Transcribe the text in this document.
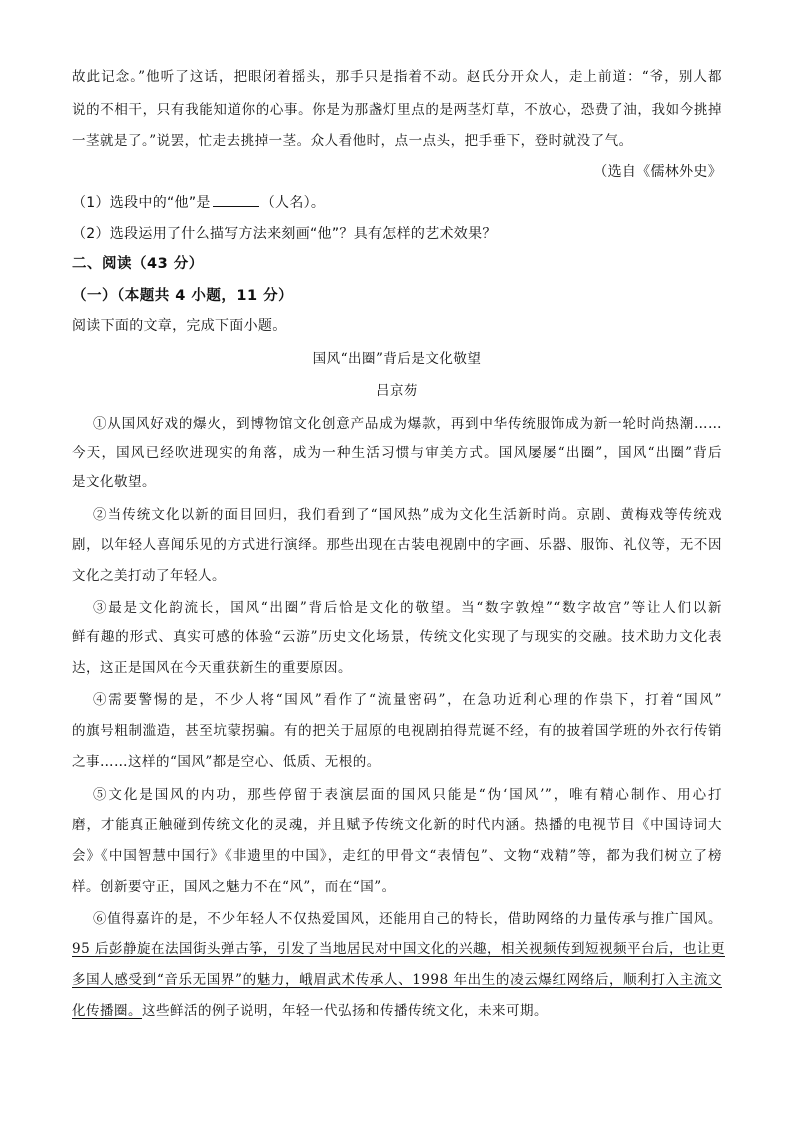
故此记念。”他听了这话，把眼闭着摇头，那手只是指着不动。赵氏分开众人，走上前道：“爷，别人都
说的不相干，只有我能知道你的心事。你是为那盏灯里点的是两茎灯草，不放心，恐费了油，我如今挑掉
一茎就是了。”说罢，忙走去挑掉一茎。众人看他时，点一点头，把手垂下，登时就没了气。
（选自《儒林外史》
（1）选段中的“他”是	（人名）。
（2）选段运用了什么描写方法来刻画“他”？具有怎样的艺术效果？
二、阅读（43 分）
（一）（本题共 4 小题，11 分）
阅读下面的文章，完成下面小题。
国风“出圈”背后是文化敬望
吕京芴
①从国风好戏的爆火，到博物馆文化创意产品成为爆款，再到中华传统服饰成为新一轮时尚热潮……
今天，国风已经吹进现实的角落，成为一种生活习惯与审美方式。国风屡屡“出圈”，国风“出圈”背后
是文化敬望。
②当传统文化以新的面目回归，我们看到了“国风热”成为文化生活新时尚。京剧、黄梅戏等传统戏
剧，以年轻人喜闻乐见的方式进行演绎。那些出现在古装电视剧中的字画、乐器、服饰、礼仪等，无不因
文化之美打动了年轻人。
③最是文化韵流长，国风“出圈”背后恰是文化的敬望。当“数字敦煌”“数字故宫”等让人们以新
鲜有趣的形式、真实可感的体验“云游”历史文化场景，传统文化实现了与现实的交融。技术助力文化表
达，这正是国风在今天重获新生的重要原因。
④需要警惕的是，不少人将“国风”看作了“流量密码”，在急功近利心理的作祟下，打着“国风”
的旗号粗制滥造，甚至坑蒙拐骗。有的把关于屈原的电视剧拍得荒诞不经，有的披着国学班的外衣行传销
之事……这样的“国风”都是空心、低质、无根的。
⑤文化是国风的内功，那些停留于表演层面的国风只能是“伪‘国风’”，唯有精心制作、用心打
磨，才能真正触碰到传统文化的灵魂，并且赋予传统文化新的时代内涵。热播的电视节目《中国诗词大
会》《中国智慧中国行》《非遗里的中国》，走红的甲骨文“表情包”、文物“戏精”等，都为我们树立了榜
样。创新要守正，国风之魅力不在“风”，而在“国”。
⑥值得嘉许的是，不少年轻人不仅热爱国风，还能用自己的特长，借助网络的力量传承与推广国风。
95 后彭静旋在法国街头弹古筝，引发了当地居民对中国文化的兴趣，相关视频传到短视频平台后，也让更
多国人感受到“音乐无国界”的魅力，峨眉武术传承人、1998 年出生的凌云爆红网络后，顺利打入主流文
化传播圈。这些鲜活的例子说明，年轻一代弘扬和传播传统文化，未来可期。
